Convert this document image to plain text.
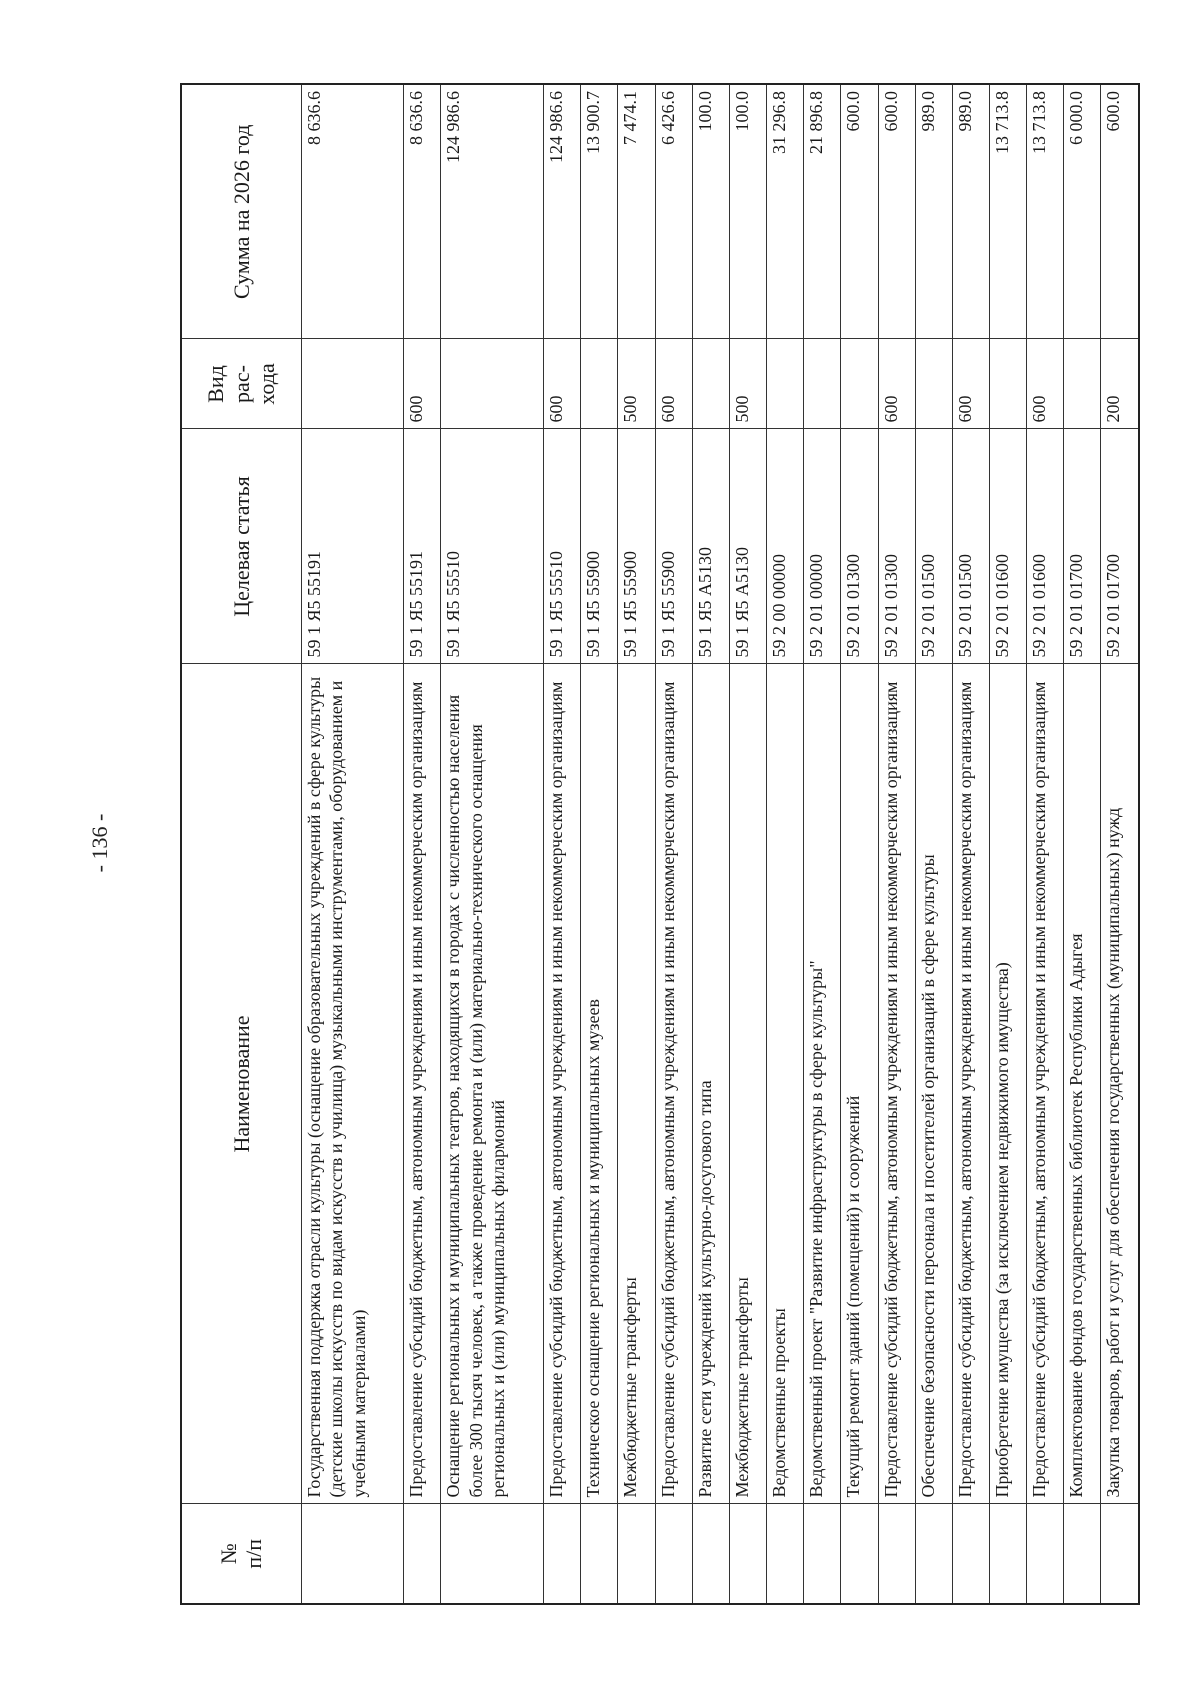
- 136 -
№
п/п	Наименование	Целевая статья	Вид рас-хода	Сумма на 2026 год
	Государственная поддержка отрасли культуры (оснащение образовательных учреждений в сфере культуры (детские школы искусств по видам искусств и училища) музыкальными инструментами, оборудованием и учебными материалами)	59 1 Я5 55191		8 636.6
	Предоставление субсидий бюджетным, автономным учреждениям и иным некоммерческим организациям	59 1 Я5 55191	600	8 636.6
	Оснащение региональных и муниципальных театров, находящихся в городах с численностью населения более 300 тысяч человек, а также проведение ремонта и (или) материально-технического оснащения региональных и (или) муниципальных филармоний	59 1 Я5 55510		124 986.6
	Предоставление субсидий бюджетным, автономным учреждениям и иным некоммерческим организациям	59 1 Я5 55510	600	124 986.6
	Техническое оснащение региональных и муниципальных музеев	59 1 Я5 55900		13 900.7
	Межбюджетные трансферты	59 1 Я5 55900	500	7 474.1
	Предоставление субсидий бюджетным, автономным учреждениям и иным некоммерческим организациям	59 1 Я5 55900	600	6 426.6
	Развитие сети учреждений культурно-досугового типа	59 1 Я5 А5130		100.0
	Межбюджетные трансферты	59 1 Я5 А5130	500	100.0
	Ведомственные проекты	59 2 00 00000		31 296.8
	Ведомственный проект "Развитие инфраструктуры в сфере культуры"	59 2 01 00000		21 896.8
	Текущий ремонт зданий (помещений) и сооружений	59 2 01 01300		600.0
	Предоставление субсидий бюджетным, автономным учреждениям и иным некоммерческим организациям	59 2 01 01300	600	600.0
	Обеспечение безопасности персонала и посетителей организаций в сфере культуры	59 2 01 01500		989.0
	Предоставление субсидий бюджетным, автономным учреждениям и иным некоммерческим организациям	59 2 01 01500	600	989.0
	Приобретение имущества (за исключением недвижимого имущества)	59 2 01 01600		13 713.8
	Предоставление субсидий бюджетным, автономным учреждениям и иным некоммерческим организациям	59 2 01 01600	600	13 713.8
	Комплектование фондов государственных библиотек Республики Адыгея	59 2 01 01700		6 000.0
	Закупка товаров, работ и услуг для обеспечения государственных (муниципальных) нужд	59 2 01 01700	200	600.0
